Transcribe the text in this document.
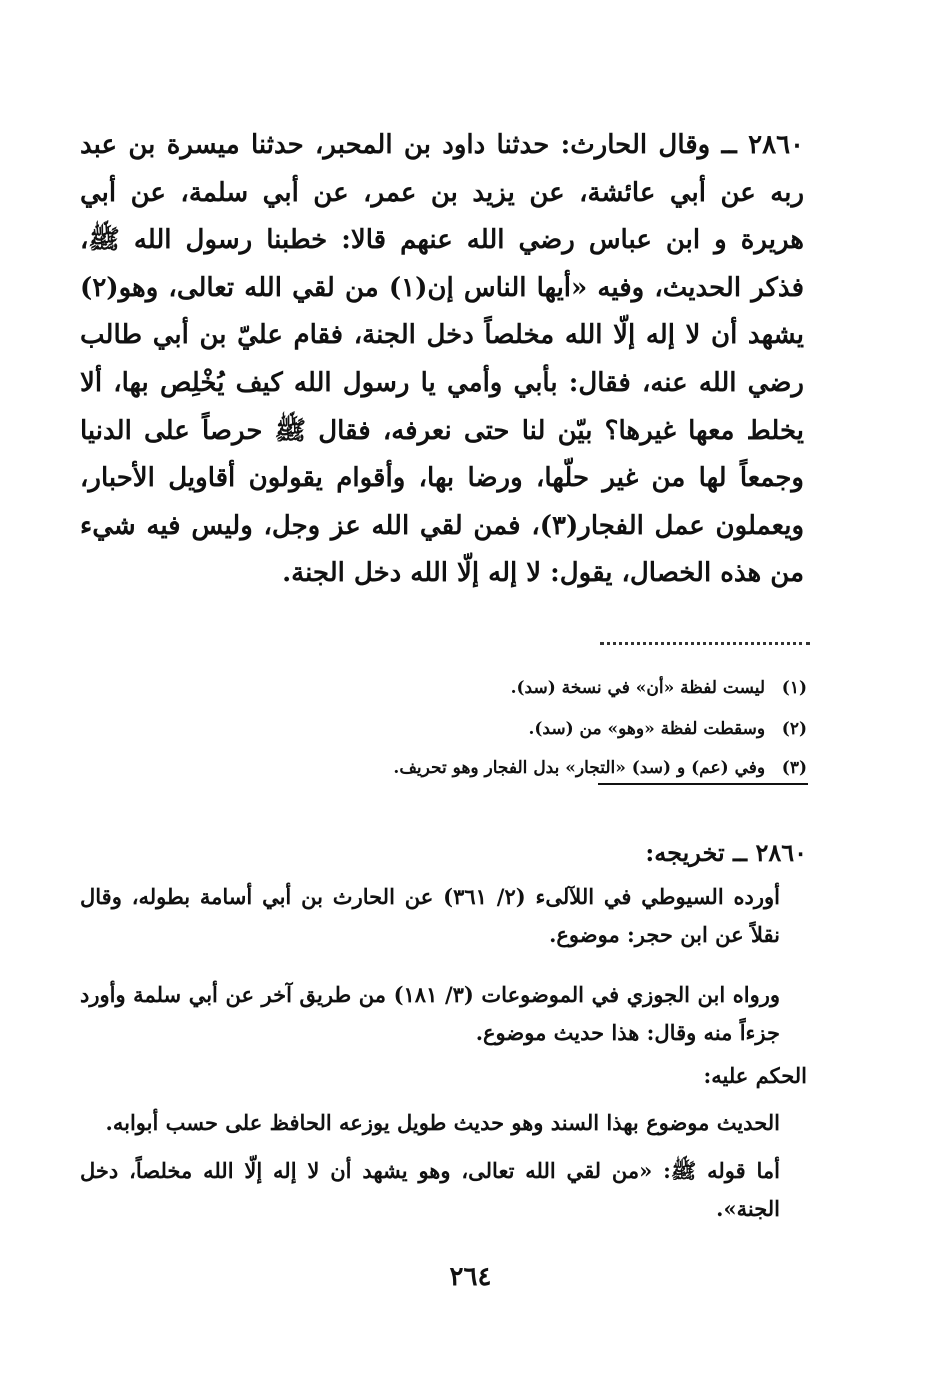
٢٨٦٠ ــ وقال الحارث: حدثنا داود بن المحبر، حدثنا ميسرة بن عبد ربه عن أبي عائشة، عن يزيد بن عمر، عن أبي سلمة، عن أبي هريرة و ابن عباس رضي الله عنهم قالا: خطبنا رسول الله ﷺ، فذكر الحديث، وفيه «أيها الناس إن(١) من لقي الله تعالى، وهو(٢) يشهد أن لا إله إلّا الله مخلصاً دخل الجنة، فقام عليّ بن أبي طالب رضي الله عنه، فقال: بأبي وأمي يا رسول الله كيف يُخْلِص بها، ألا يخلط معها غيرها؟ بيّن لنا حتى نعرفه، فقال ﷺ حرصاً على الدنيا وجمعاً لها من غير حلّها، ورضا بها، وأقوام يقولون أقاويل الأحبار، ويعملون عمل الفجار(٣)، فمن لقي الله عز وجل، وليس فيه شيء من هذه الخصال، يقول: لا إله إلّا الله دخل الجنة.

(١) ليست لفظة «أن» في نسخة (سد).
(٢) وسقطت لفظة «وهو» من (سد).
(٣) وفي (عم) و (سد) «التجار» بدل الفجار وهو تحريف.
٢٨٦٠ ــ تخريجه:
أورده السيوطي في اللآلىء (٢/ ٣٦١) عن الحارث بن أبي أسامة بطوله، وقال نقلاً عن ابن حجر: موضوع.
ورواه ابن الجوزي في الموضوعات (٣/ ١٨١) من طريق آخر عن أبي سلمة وأورد جزءاً منه وقال: هذا حديث موضوع.
الحكم عليه:
الحديث موضوع بهذا السند وهو حديث طويل يوزعه الحافظ على حسب أبوابه.
أما قوله ﷺ: «من لقي الله تعالى، وهو يشهد أن لا إله إلّا الله مخلصاً، دخل الجنة».
٢٦٤
